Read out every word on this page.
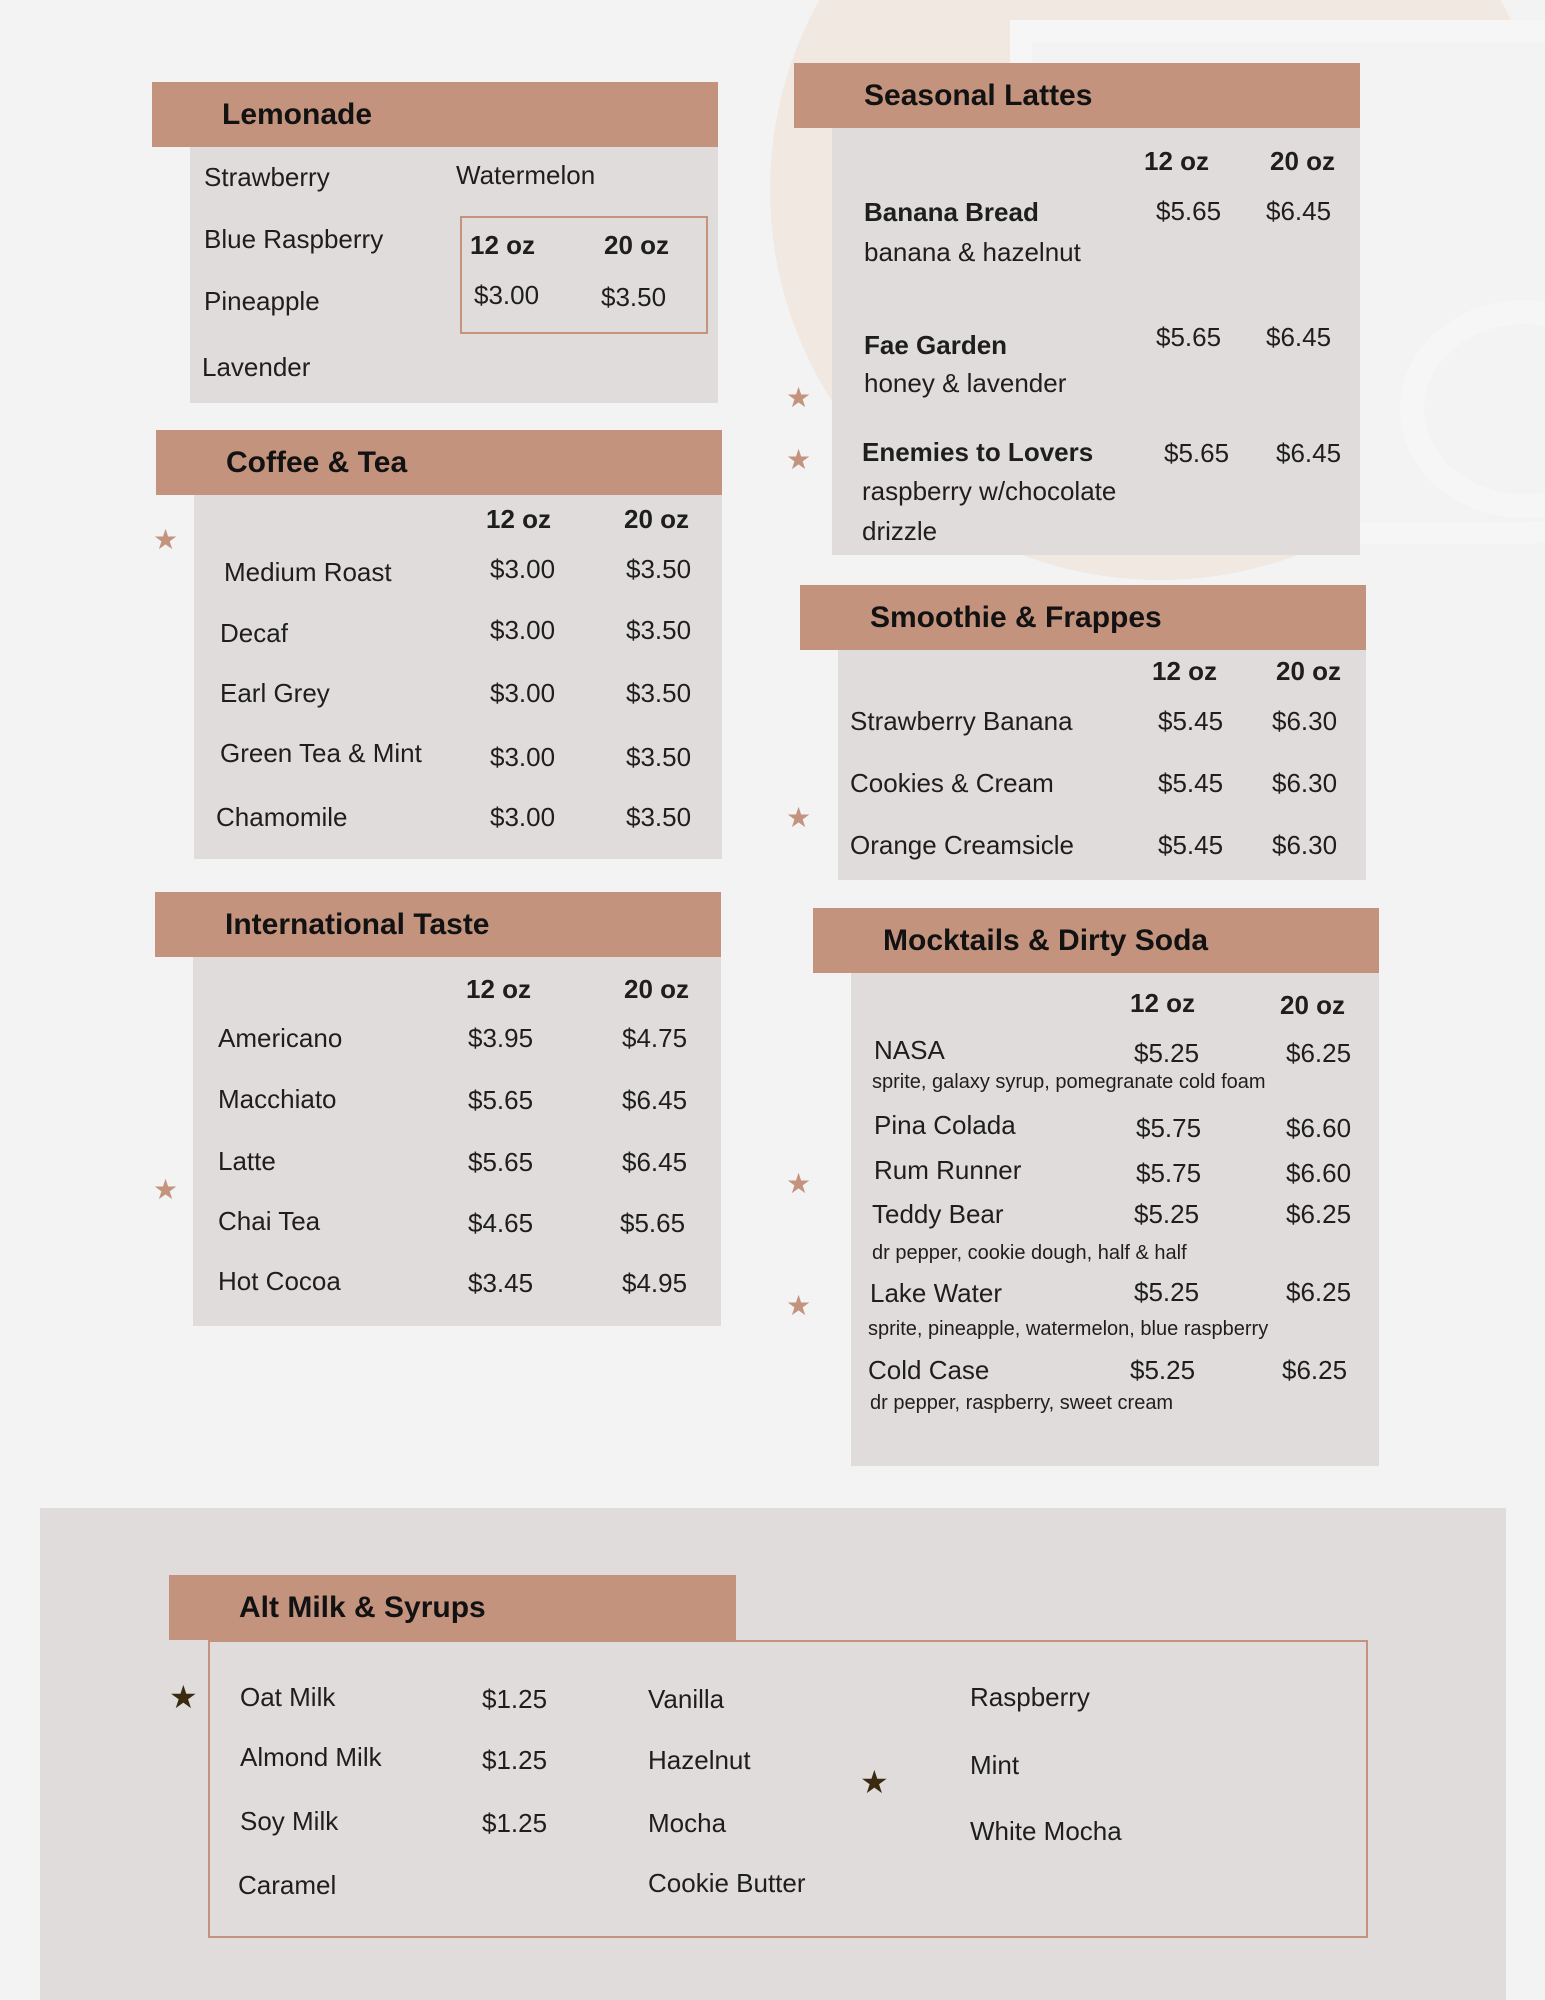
Lemonade
Strawberry
Blue Raspberry
Pineapple
Lavender
Watermelon
12 oz	20 oz
$3.00 $3.50
Coffee & Tea
12 oz	20 oz
Medium Roast	$3.00	$3.50
Decaf	$3.00	$3.50
Earl Grey	$3.00	$3.50
Green Tea & Mint	$3.00	$3.50
Chamomile	$3.00	$3.50
International Taste
12 oz	20 oz
Americano	$3.95	$4.75
Macchiato	$5.65	$6.45
Latte	$5.65	$6.45
Chai Tea	$4.65	$5.65
Hot Cocoa	$3.45	$4.95
Seasonal Lattes
12 oz 20 oz
Banana Bread
banana & hazelnut
$5.65 $6.45
Fae Garden
honey & lavender
$5.65 $6.45
Enemies to Lovers
raspberry w/chocolate
drizzle
$5.65 $6.45
Smoothie & Frappes
12 oz 20 oz
Strawberry Banana	$5.45 $6.30
Cookies & Cream	$5.45 $6.30
Orange Creamsicle	$5.45 $6.30
Mocktails & Dirty Soda
12 oz	20 oz
NASA
sprite, galaxy syrup, pomegranate cold foam
$5.25	$6.25
Pina Colada	$5.75	$6.60
Rum Runner	$5.75	$6.60
Teddy Bear
dr pepper, cookie dough, half & half
$5.25	$6.25
Lake Water
sprite, pineapple, watermelon, blue raspberry
$5.25	$6.25
Cold Case
dr pepper, raspberry, sweet cream
$5.25	$6.25
Alt Milk & Syrups
Oat Milk	$1.25
Almond Milk	$1.25
Soy Milk	$1.25
Caramel
Vanilla
Hazelnut
Mocha
Cookie Butter
Raspberry
Mint
White Mocha
★
★
★
★
★
★
★
★
★
